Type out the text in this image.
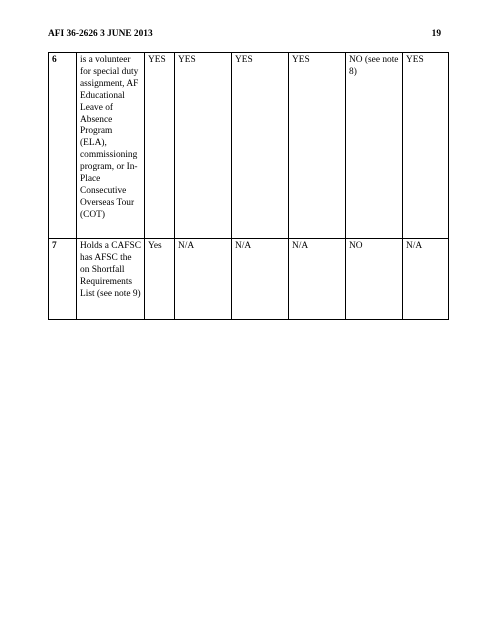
AFI 36-2626 3 JUNE 2013	19
6	is a volunteer for special duty assignment, AF Educational Leave of Absence Program (ELA), commissioning program, or In-Place Consecutive Overseas Tour (COT)	YES	YES	YES	YES	NO (see note 8)	YES
7	Holds a CAFSC has AFSC the on Shortfall Requirements List (see note 9)	Yes	N/A	N/A	N/A	NO	N/A
